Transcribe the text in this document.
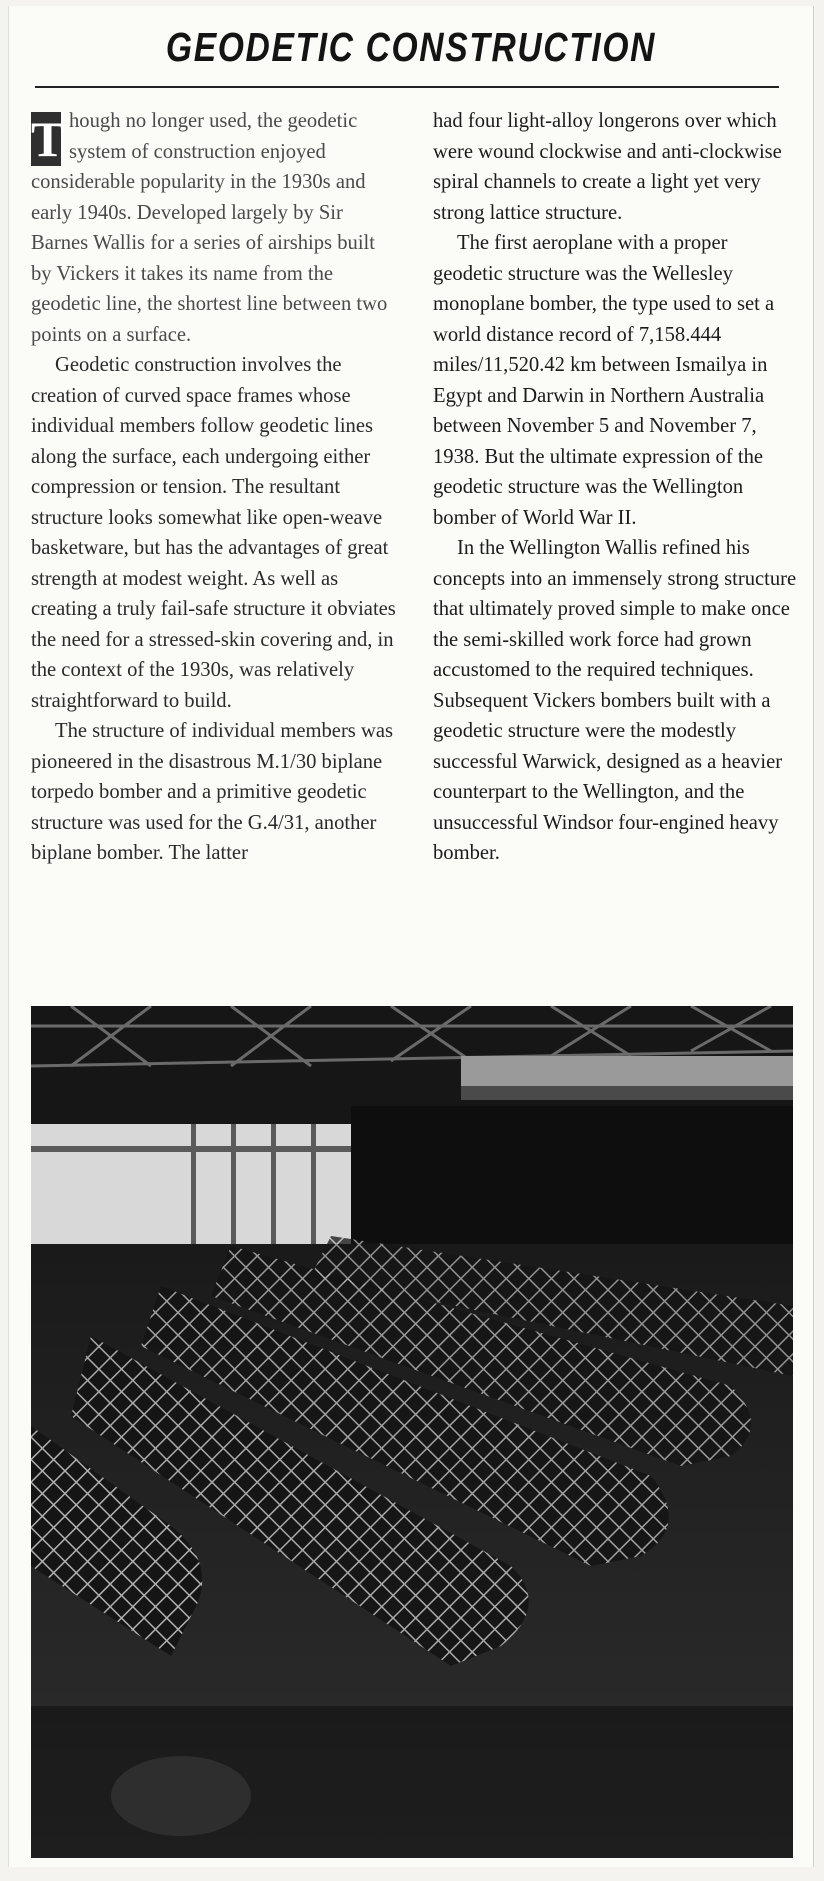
GEODETIC CONSTRUCTION

T hough no longer used, the geodetic system of construction enjoyed considerable popularity in the 1930s and early 1940s. Developed largely by Sir Barnes Wallis for a series of airships built by Vickers it takes its name from the geodetic line, the shortest line between two points on a surface.

Geodetic construction involves the creation of curved space frames whose individual members follow geodetic lines along the surface, each undergoing either compression or tension. The resultant structure looks somewhat like open-weave basketware, but has the advantages of great strength at modest weight. As well as creating a truly fail-safe structure it obviates the need for a stressed-skin covering and, in the context of the 1930s, was relatively straightforward to build.

The structure of individual members was pioneered in the disastrous M.1/30 biplane torpedo bomber and a primitive geodetic structure was used for the G.4/31, another biplane bomber. The latter

had four light-alloy longerons over which were wound clockwise and anti-clockwise spiral channels to create a light yet very strong lattice structure.

The first aeroplane with a proper geodetic structure was the Wellesley monoplane bomber, the type used to set a world distance record of 7,158.444 miles/11,520.42 km between Ismailya in Egypt and Darwin in Northern Australia between November 5 and November 7, 1938. But the ultimate expression of the geodetic structure was the Wellington bomber of World War II.

In the Wellington Wallis refined his concepts into an immensely strong structure that ultimately proved simple to make once the semi-skilled work force had grown accustomed to the required techniques. Subsequent Vickers bombers built with a geodetic structure were the modestly successful Warwick, designed as a heavier counterpart to the Wellington, and the unsuccessful Windsor four-engined heavy bomber.
